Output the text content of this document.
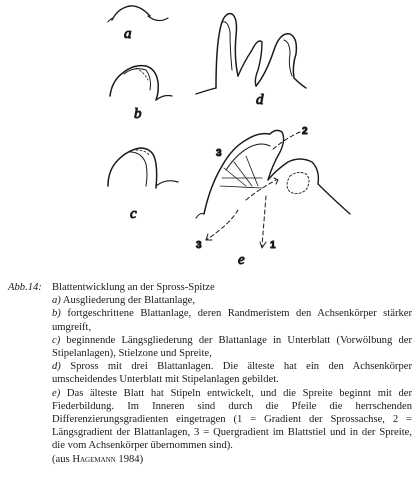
a
b
c
d
2
3
3	1
e
Abb.14: Blattentwicklung an der Spross-Spitze
a) Ausgliederung der Blattanlage,
b) fortgeschrittene Blattanlage, deren Randmeristem den Achsenkörper stärker umgreift,
c) beginnende Längsgliederung der Blattanlage in Unterblatt (Vorwölbung der Stipelanlagen), Stielzone und Spreite,
d) Spross mit drei Blattanlagen. Die älteste hat ein den Achsenkörper umscheidendes Unterblatt mit Stipelanlagen gebildet.
e) Das älteste Blatt hat Stipeln entwickelt, und die Spreite beginnt mit der Fiederbildung. Im Inneren sind durch die Pfeile die herrschenden Differenzierungsgradienten eingetragen (1 = Gradient der Sprossachse, 2 = Längsgradient der Blattanlagen, 3 = Quergradient im Blattstiel und in der Spreite, die vom Achsenkörper übernommen sind).
(aus Hagemann 1984)
